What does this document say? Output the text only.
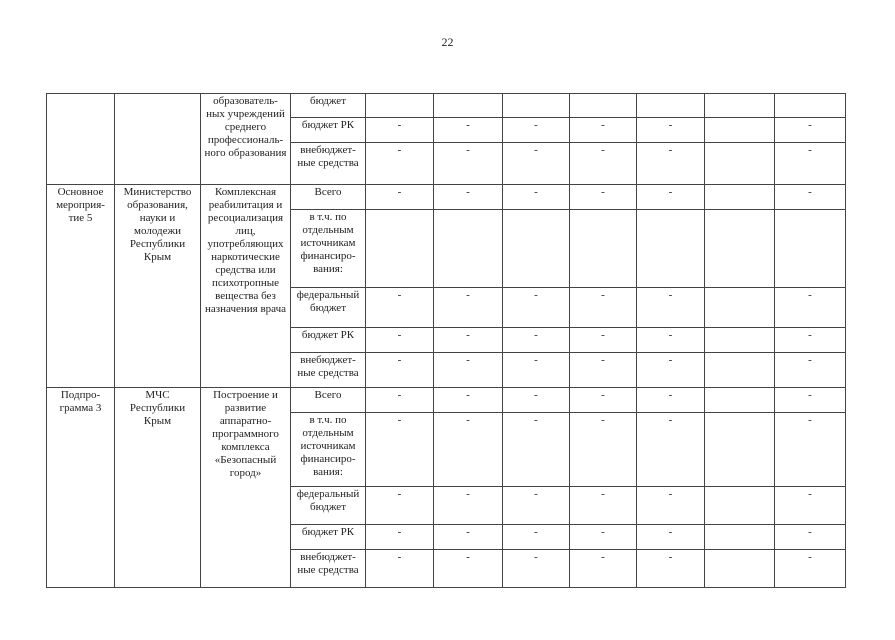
22
		образователь-ных учреждений среднего профессиональ-ного образования	бюджет							
			бюджет РК	-	-	-	-	-		-
			внебюджет-ные средства	-	-	-	-	-		-
Основное мероприя-тие 5	Министерство образования, науки и молодежи Республики Крым	Комплексная реабилитация и ресоциализация лиц, употребляющих наркотические средства или психотропные вещества без назначения врача	Всего	-	-	-	-	-		-
			в т.ч. по отдельным источникам финансиро-вания:							
			федеральный бюджет	-	-	-	-	-		-
			бюджет РК	-	-	-	-	-		-
			внебюджет-ные средства	-	-	-	-	-		-
Подпро-грамма 3	МЧС Республики Крым	Построение и развитие аппаратно-программного комплекса «Безопасный город»	Всего	-	-	-	-	-		-
			в т.ч. по отдельным источникам финансиро-вания:	-	-	-	-	-		-
			федеральный бюджет	-	-	-	-	-		-
			бюджет РК	-	-	-	-	-		-
			внебюджет-ные средства	-	-	-	-	-		-
